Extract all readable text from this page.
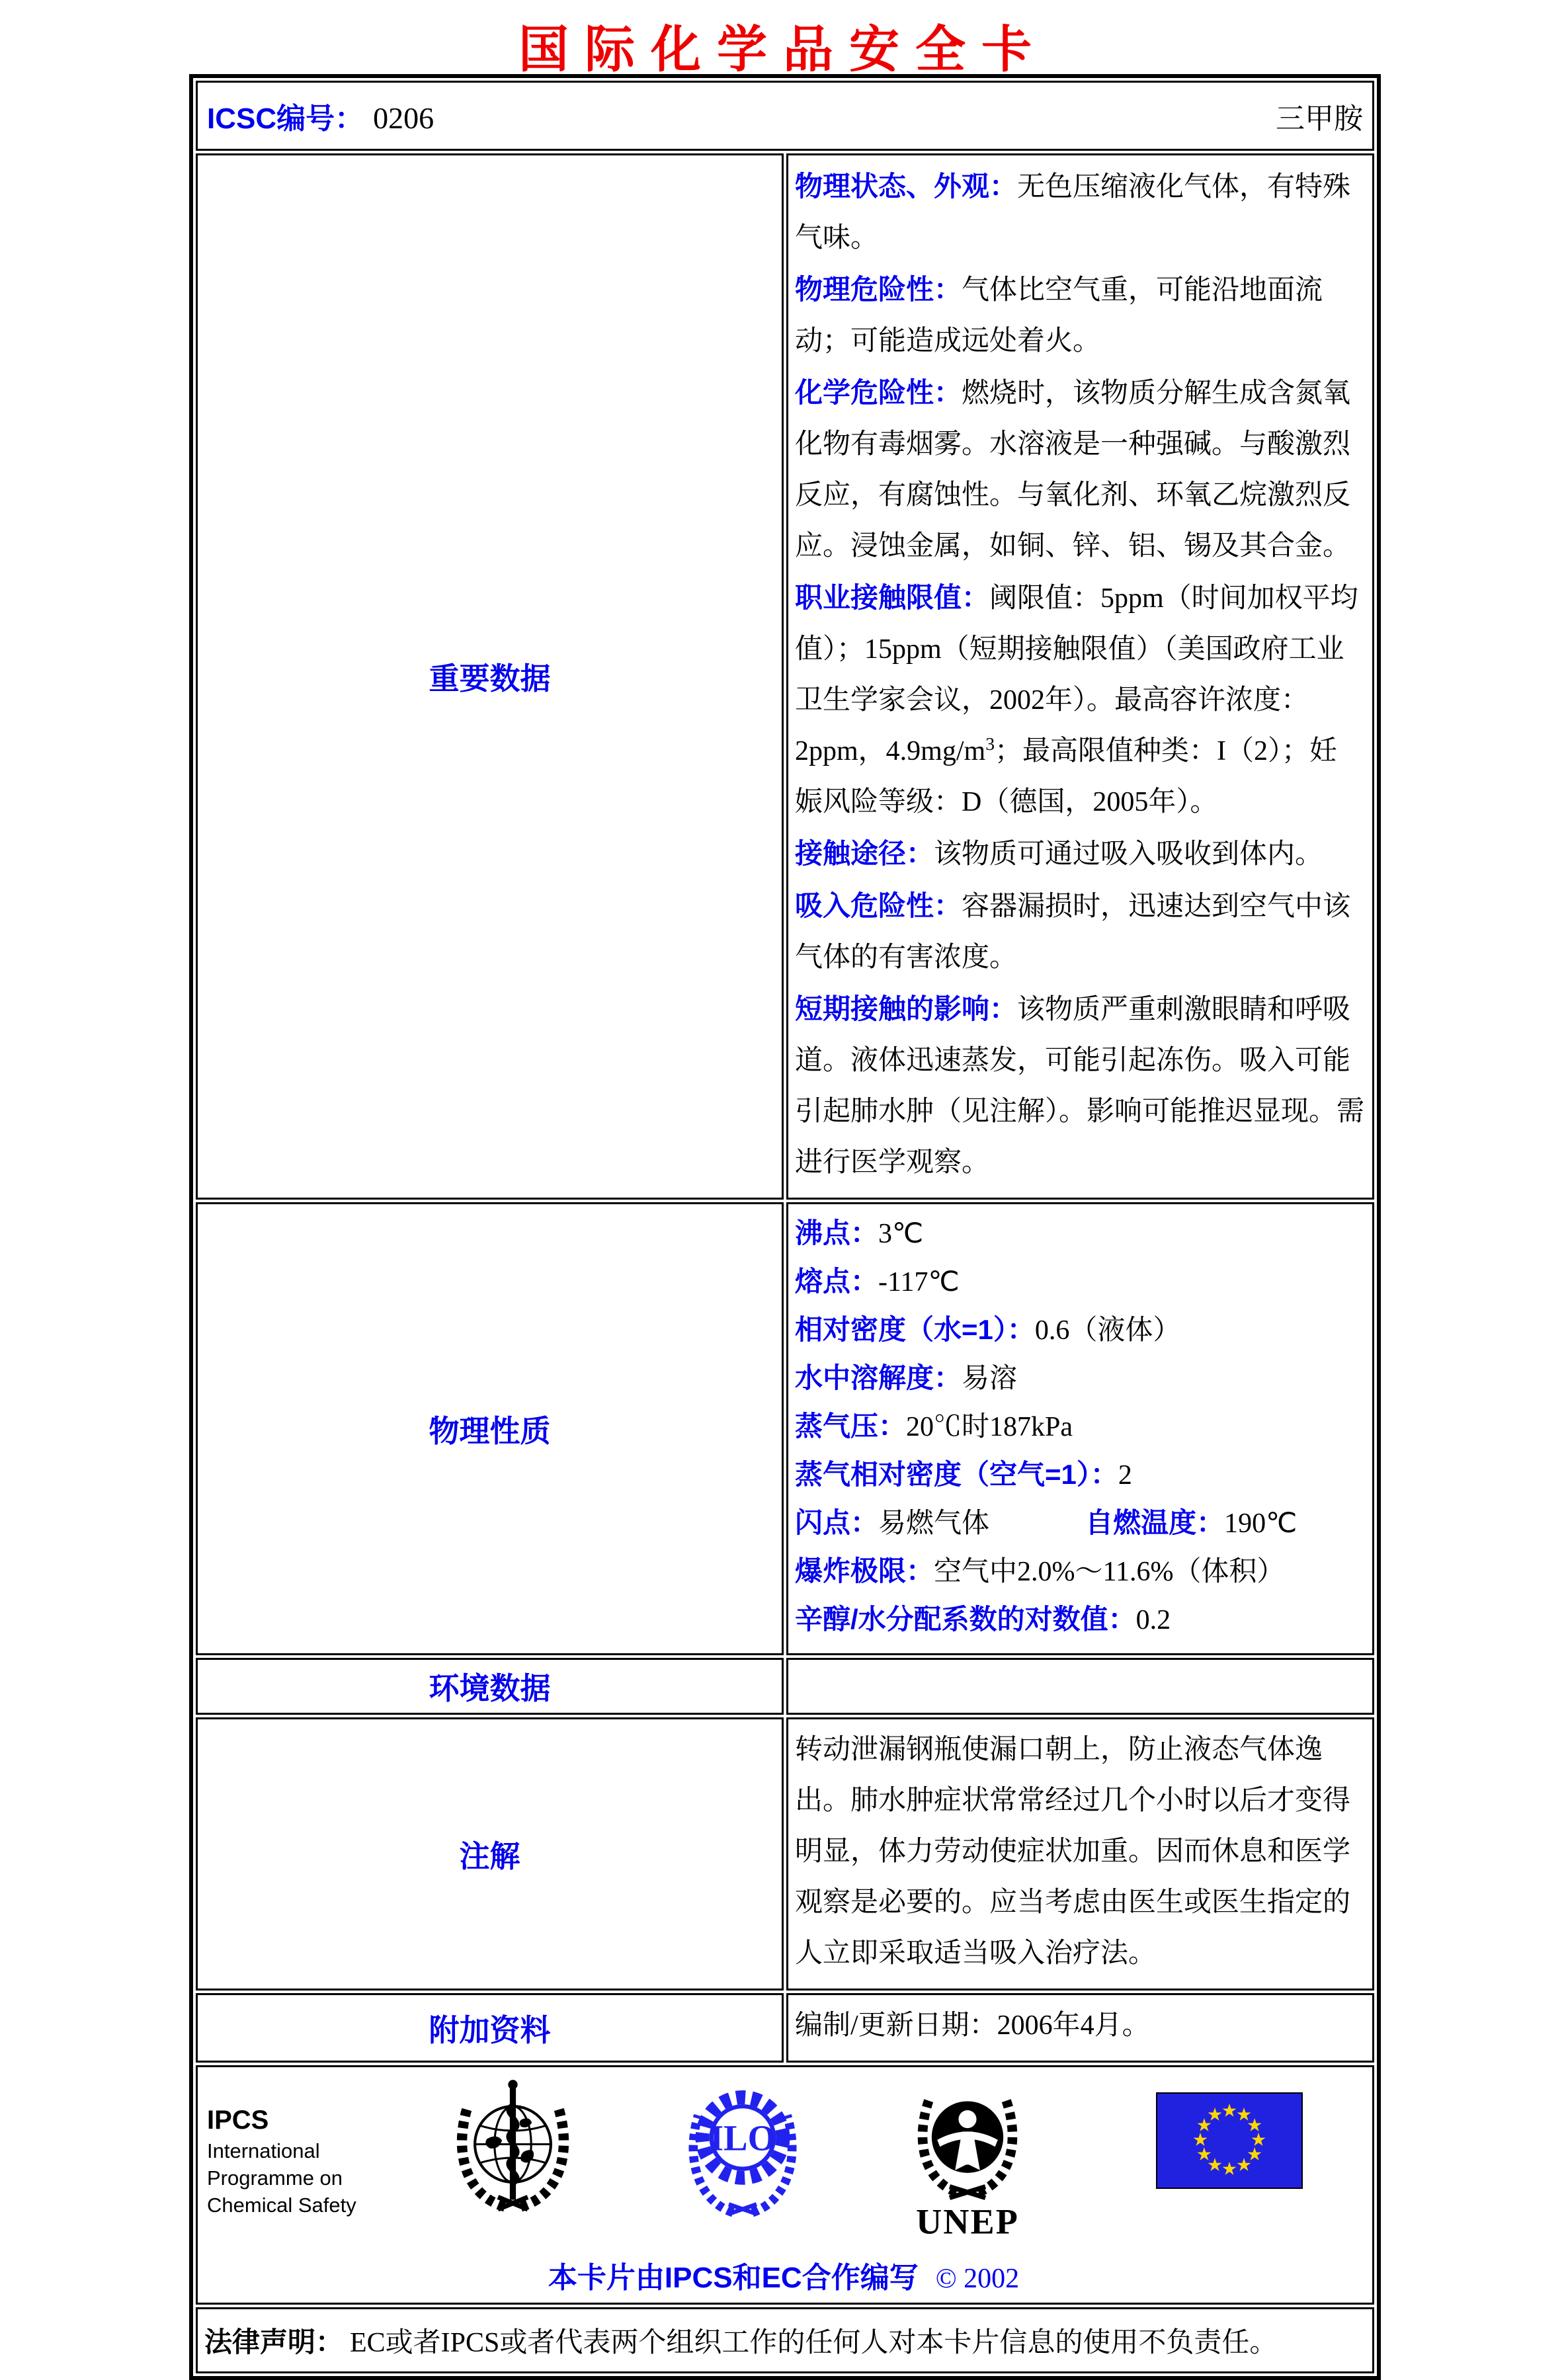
国际化学品安全卡
ICSC编号： 0206 三甲胺	

重要数据	
物理状态、外观：无色压缩液化气体，有特殊气味。
物理危险性：气体比空气重，可能沿地面流动；可能造成远处着火。
化学危险性：燃烧时，该物质分解生成含氮氧化物有毒烟雾。水溶液是一种强碱。与酸激烈反应，有腐蚀性。与氧化剂、环氧乙烷激烈反应。浸蚀金属，如铜、锌、铝、锡及其合金。
职业接触限值：阈限值：5ppm（时间加权平均值）；15ppm（短期接触限值）（美国政府工业卫生学家会议，2002年）。最高容许浓度：2ppm，$4.9mg/m^3$；最高限值种类：I（2）；妊娠风险等级：D（德国，2005年）。
接触途径：该物质可通过吸入吸收到体内。
吸入危险性：容器漏损时，迅速达到空气中该气体的有害浓度。
短期接触的影响：该物质严重刺激眼睛和呼吸道。液体迅速蒸发，可能引起冻伤。吸入可能引起肺水肿（见注解）。影响可能推迟显现。需进行医学观察。

物理性质	
沸点：3℃
熔点：-117℃
相对密度（水=1）：0.6（液体）
水中溶解度：易溶
蒸气压：20℃时187kPa
蒸气相对密度（空气=1）：2
闪点：易燃气体	自燃温度：190℃
爆炸极限：空气中2.0%～11.6%（体积）
辛醇/水分配系数的对数值：0.2

环境数据	
注解	转动泄漏钢瓶使漏口朝上，防止液态气体逸出。肺水肿症状常常经过几个小时以后才变得明显，体力劳动使症状加重。因而休息和医学观察是必要的。应当考虑由医生或医生指定的人立即采取适当吸入治疗法。
附加资料	编制/更新日期：2006年4月。

IPCS
International
Programme on
Chemical Safety
ILO
UNEP
本卡片由IPCS和EC合作编写 © 2002

法律声明： EC或者IPCS或者代表两个组织工作的任何人对本卡片信息的使用不负责任。	
